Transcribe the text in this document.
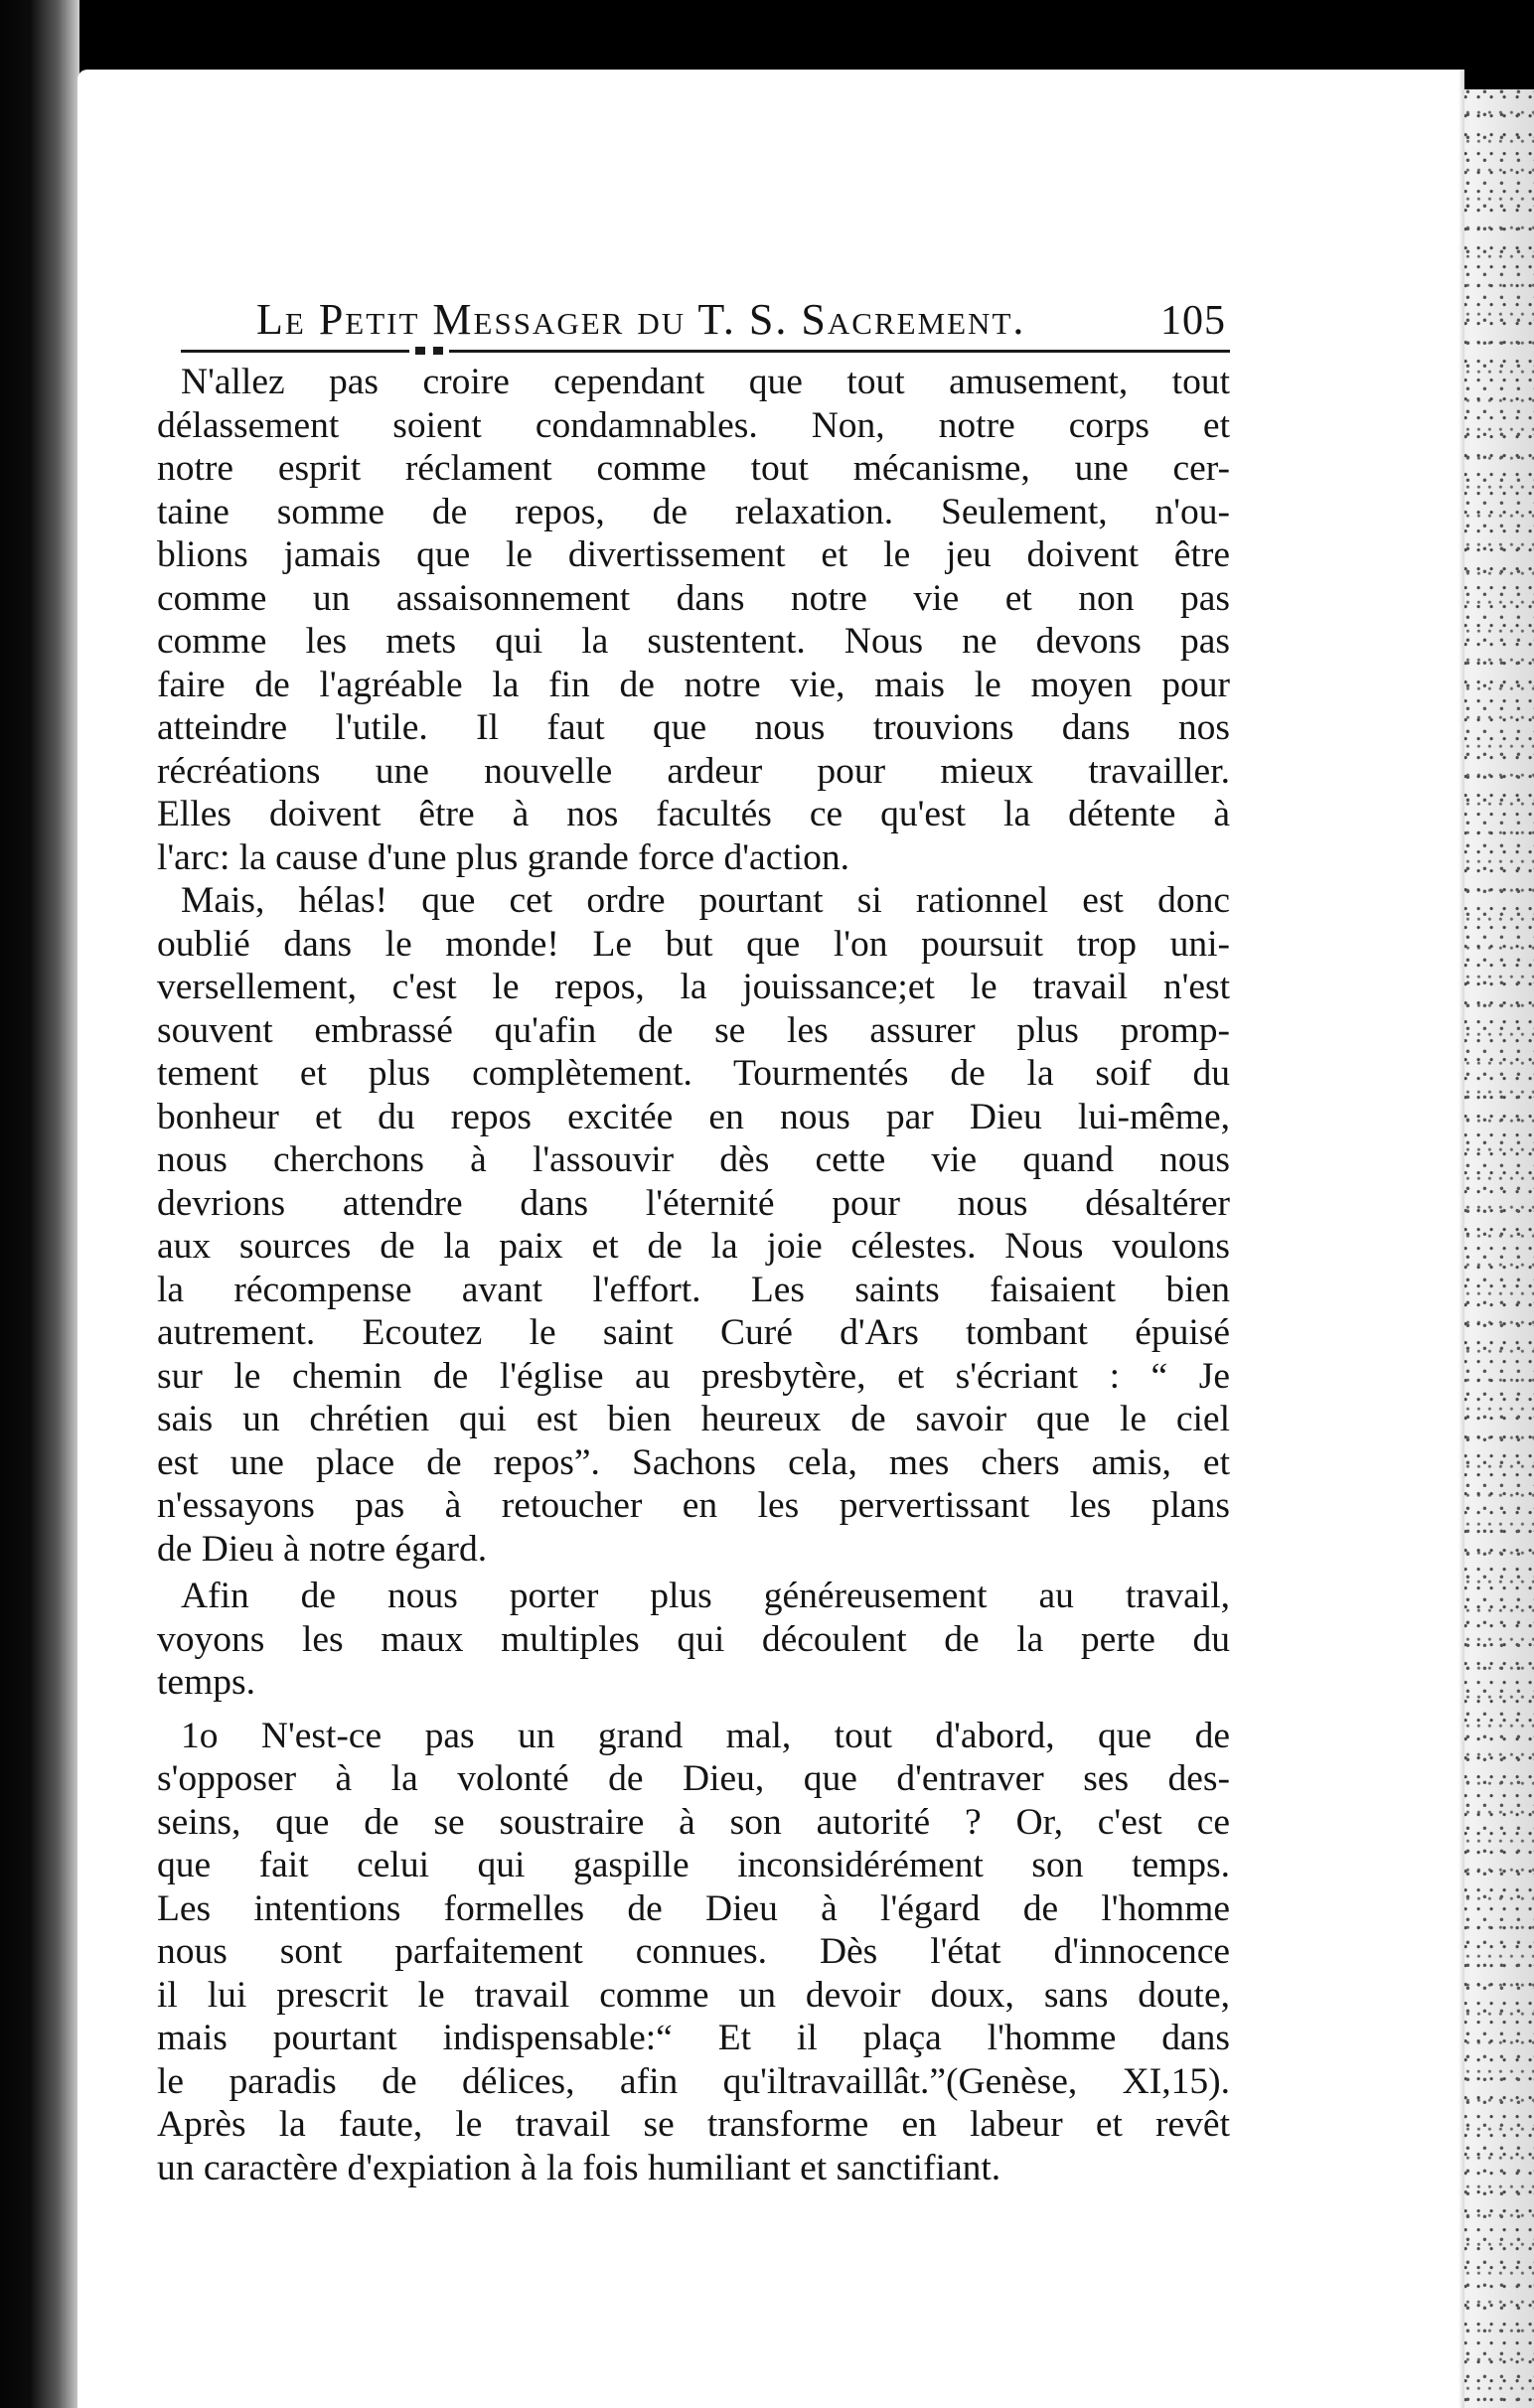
Le Petit Messager du T. S. Sacrement.	105
N'allez pas croire cependant que tout amusement, tout
délassement soient condamnables. Non, notre corps et
notre esprit réclament comme tout mécanisme, une cer-
taine somme de repos, de relaxation. Seulement, n'ou-
blions jamais que le divertissement et le jeu doivent être
comme un assaisonnement dans notre vie et non pas
comme les mets qui la sustentent. Nous ne devons pas
faire de l'agréable la fin de notre vie, mais le moyen pour
atteindre l'utile. Il faut que nous trouvions dans nos
récréations une nouvelle ardeur pour mieux travailler.
Elles doivent être à nos facultés ce qu'est la détente à
l'arc: la cause d'une plus grande force d'action.
Mais, hélas! que cet ordre pourtant si rationnel est donc
oublié dans le monde! Le but que l'on poursuit trop uni-
versellement, c'est le repos, la jouissance;et le travail n'est
souvent embrassé qu'afin de se les assurer plus promp-
tement et plus complètement. Tourmentés de la soif du
bonheur et du repos excitée en nous par Dieu lui-même,
nous cherchons à l'assouvir dès cette vie quand nous
devrions attendre dans l'éternité pour nous désaltérer
aux sources de la paix et de la joie célestes. Nous voulons
la récompense avant l'effort. Les saints faisaient bien
autrement. Ecoutez le saint Curé d'Ars tombant épuisé
sur le chemin de l'église au presbytère, et s'écriant : “ Je
sais un chrétien qui est bien heureux de savoir que le ciel
est une place de repos”. Sachons cela, mes chers amis, et
n'essayons pas à retoucher en les pervertissant les plans
de Dieu à notre égard.
Afin de nous porter plus généreusement au travail,
voyons les maux multiples qui découlent de la perte du
temps.
1o N'est-ce pas un grand mal, tout d'abord, que de
s'opposer à la volonté de Dieu, que d'entraver ses des-
seins, que de se soustraire à son autorité ? Or, c'est ce
que fait celui qui gaspille inconsidérément son temps.
Les intentions formelles de Dieu à l'égard de l'homme
nous sont parfaitement connues. Dès l'état d'innocence
il lui prescrit le travail comme un devoir doux, sans doute,
mais pourtant indispensable:“ Et il plaça l'homme dans
le paradis de délices, afin qu'iltravaillât.”(Genèse, XI,15).
Après la faute, le travail se transforme en labeur et revêt
un caractère d'expiation à la fois humiliant et sanctifiant.
